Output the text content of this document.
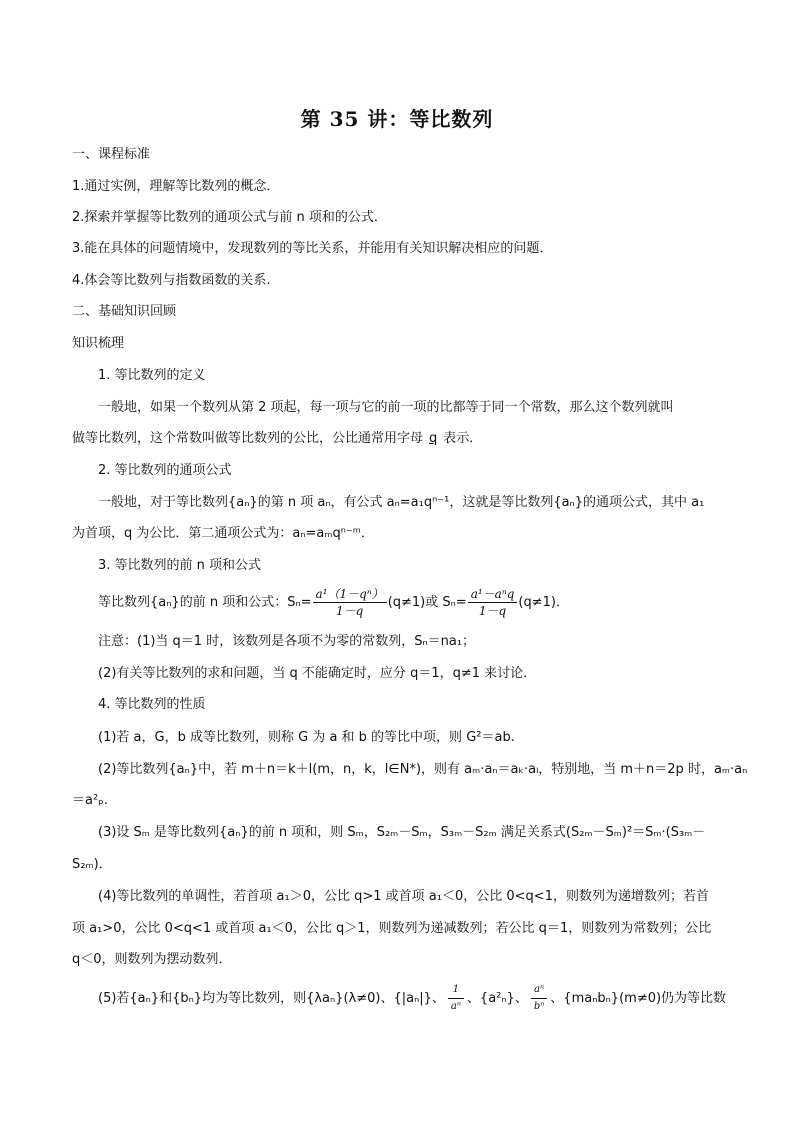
第 35 讲：等比数列
一、课程标准
1.通过实例，理解等比数列的概念．
2.探索并掌握等比数列的通项公式与前 n 项和的公式．
3.能在具体的问题情境中，发现数列的等比关系，并能用有关知识解决相应的问题．
4.体会等比数列与指数函数的关系.
二、基础知识回顾
知识梳理
1. 等比数列的定义
一般地，如果一个数列从第 2 项起，每一项与它的前一项的比都等于同一个常数，那么这个数列就叫
做等比数列，这个常数叫做等比数列的公比，公比通常用字母 q 表示．
2. 等比数列的通项公式
一般地，对于等比数列{aₙ}的第 n 项 aₙ，有公式 aₙ=a₁qⁿ⁻¹，这就是等比数列{aₙ}的通项公式，其中 a₁
为首项，q 为公比．第二通项公式为：aₙ=aₘqⁿ⁻ᵐ．
3. 等比数列的前 n 项和公式
等比数列{aₙ}的前 n 项和公式：$S_n= \frac{\text{a¹（1－qⁿ）}}{1-q} (q\ne 1)$或 $S_n= \frac{\text{a¹－aⁿq}}{1-q} (q\ne 1)$．
注意：(1)当 q＝1 时，该数列是各项不为零的常数列，Sₙ＝na₁；
(2)有关等比数列的求和问题，当 q 不能确定时，应分 q＝1，q≠1 来讨论．
4. 等比数列的性质
(1)若 a，G，b 成等比数列，则称 G 为 a 和 b 的等比中项，则 G²＝ab.
(2)等比数列{aₙ}中，若 m＋n＝k＋l(m，n，k，l∈N*)，则有 aₘ·aₙ＝aₖ·aₗ，特别地，当 m＋n＝2p 时，aₘ·aₙ
＝a²ₚ.
(3)设 Sₘ 是等比数列{aₙ}的前 n 项和，则 Sₘ，S₂ₘ－Sₘ，S₃ₘ－S₂ₘ 满足关系式(S₂ₘ－Sₘ)²＝Sₘ·(S₃ₘ－
S₂ₘ)．
(4)等比数列的单调性，若首项 a₁＞0，公比 q>1 或首项 a₁＜0，公比 0<q<1，则数列为递增数列；若首
项 a₁>0，公比 0<q<1 或首项 a₁＜0，公比 q＞1，则数列为递减数列；若公比 q＝1，则数列为常数列；公比
q＜0，则数列为摆动数列．
(5)若{aₙ}和{bₙ}均为等比数列，则{λaₙ}(λ≠0)、{|aₙ|}、
1
aⁿ
、{a²ₙ}、
aⁿ
bⁿ
、{maₙbₙ}(m≠0)仍为等比数
